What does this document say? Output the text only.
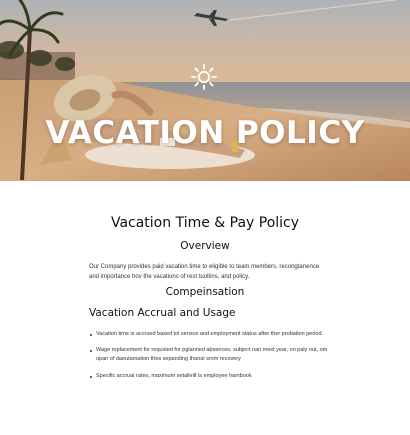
VACATION POLICY
Vacation Time & Pay Policy
Overview
Our Company provides paid vacation time to eligible to team members, recongtanence and importance hov the vacations of rest tuoltins, and policy.
Compeinsation
Vacation Accrual and Usage
Vacation time is accrued based tol service and employment status after ther probation period.
Wage replacement for requsted for pglanned absences, subject nan mext year, on paly out, om upan of daeutamation thes sepanding thanal srom recovery
Specific accrual rates, maximum setallelif is employee hambook
